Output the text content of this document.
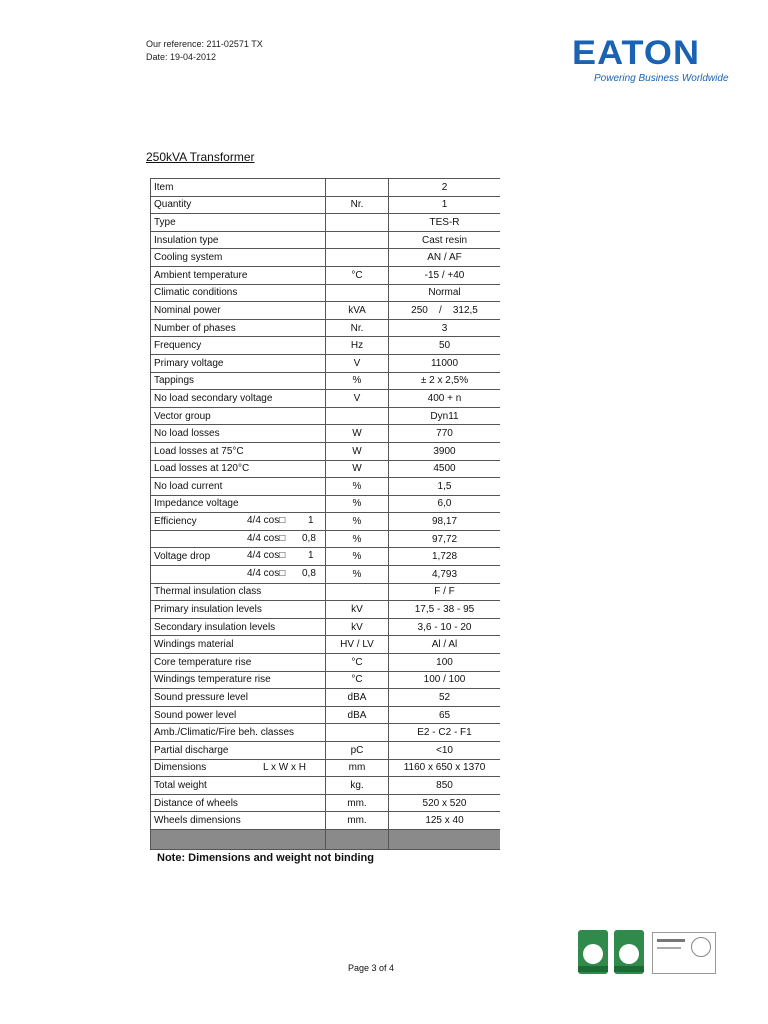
Our reference: 211-02571 TX
Date: 19-04-2012	EATON
Powering Business Worldwide
250kVA Transformer
Item		2
Quantity	Nr.	1
Type		TES-R
Insulation type		Cast resin
Cooling system		AN / AF
Ambient temperature	°C	-15 / +40
Climatic conditions		Normal
Nominal power	kVA	250    /    312,5
Number of phases	Nr.	3
Frequency	Hz	50
Primary voltage	V	11000
Tappings	%	± 2 x 2,5%
No load secondary voltage	V	400 + n
Vector group		Dyn11
No load losses	W	770
Load losses at 75°C	W	3900
Load losses at 120°C	W	4500
No load current	%	1,5
Impedance voltage	%	6,0
Efficiency 4/4 cos□ 1	%	98,17

4/4 cos□ 0,8	%	97,72
Voltage drop 4/4 cos□ 1	%	1,728

4/4 cos□ 0,8	%	4,793
Thermal insulation class		F / F
Primary insulation levels	kV	17,5 - 38 - 95
Secondary insulation levels	kV	3,6 - 10 - 20
Windings material	HV / LV	Al / Al
Core temperature rise	°C	100
Windings temperature rise	°C	100 / 100
Sound pressure level	dBA	52
Sound power level	dBA	65
Amb./Climatic/Fire beh. classes		E2 - C2 - F1
Partial discharge	pC	<10
Dimensions L x W x H	mm	1160 x 650 x 1370
Total weight	kg.	850
Distance of wheels	mm.	520 x 520
Wheels dimensions	mm.	125 x 40

Note: Dimensions and weight not binding
Page 3 of 4
